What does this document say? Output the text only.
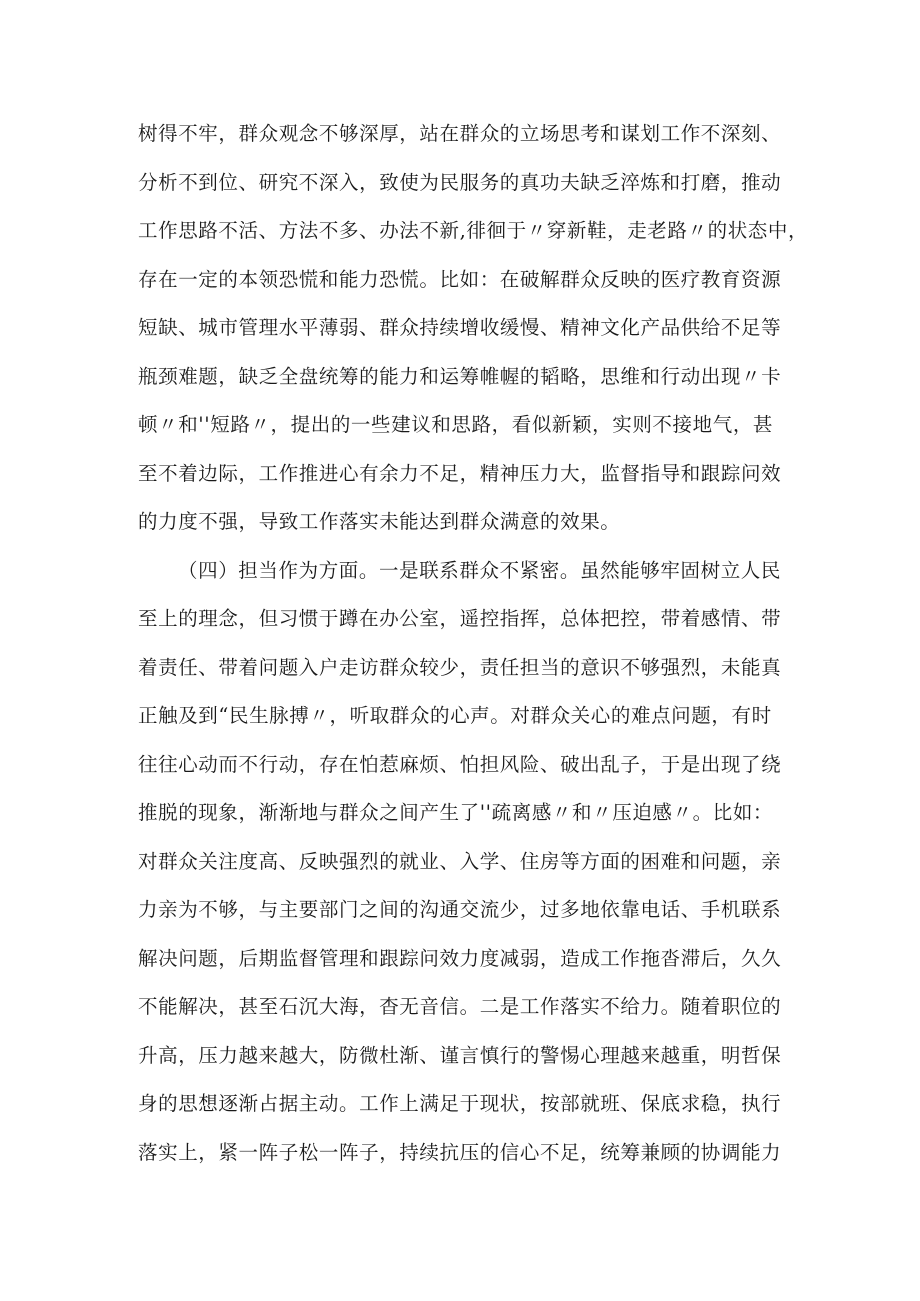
树得不牢，群众观念不够深厚，站在群众的立场思考和谋划工作不深刻、
分析不到位、研究不深入，致使为民服务的真功夫缺乏淬炼和打磨，推动
工作思路不活、方法不多、办法不新,徘徊于〃穿新鞋，走老路〃的状态中，
存在一定的本领恐慌和能力恐慌。比如：在破解群众反映的医疗教育资源
短缺、城市管理水平薄弱、群众持续增收缓慢、精神文化产品供给不足等
瓶颈难题，缺乏全盘统筹的能力和运筹帷幄的韬略，思维和行动出现〃卡
顿〃和''短路〃，提出的一些建议和思路，看似新颖，实则不接地气，甚
至不着边际，工作推进心有余力不足，精神压力大，监督指导和跟踪问效
的力度不强，导致工作落实未能达到群众满意的效果。
（四）担当作为方面。一是联系群众不紧密。虽然能够牢固树立人民
至上的理念，但习惯于蹲在办公室，遥控指挥，总体把控，带着感情、带
着责任、带着问题入户走访群众较少，责任担当的意识不够强烈，未能真
正触及到“民生脉搏〃，听取群众的心声。对群众关心的难点问题，有时
往往心动而不行动，存在怕惹麻烦、怕担风险、破出乱子，于是出现了绕
推脱的现象，渐渐地与群众之间产生了''疏离感〃和〃压迫感〃。比如：
对群众关注度高、反映强烈的就业、入学、住房等方面的困难和问题，亲
力亲为不够，与主要部门之间的沟通交流少，过多地依靠电话、手机联系
解决问题，后期监督管理和跟踪问效力度减弱，造成工作拖沓滞后，久久
不能解决，甚至石沉大海，杳无音信。二是工作落实不给力。随着职位的
升高，压力越来越大，防微杜渐、谨言慎行的警惕心理越来越重，明哲保
身的思想逐渐占据主动。工作上满足于现状，按部就班、保底求稳，执行
落实上，紧一阵子松一阵子，持续抗压的信心不足，统筹兼顾的协调能力
